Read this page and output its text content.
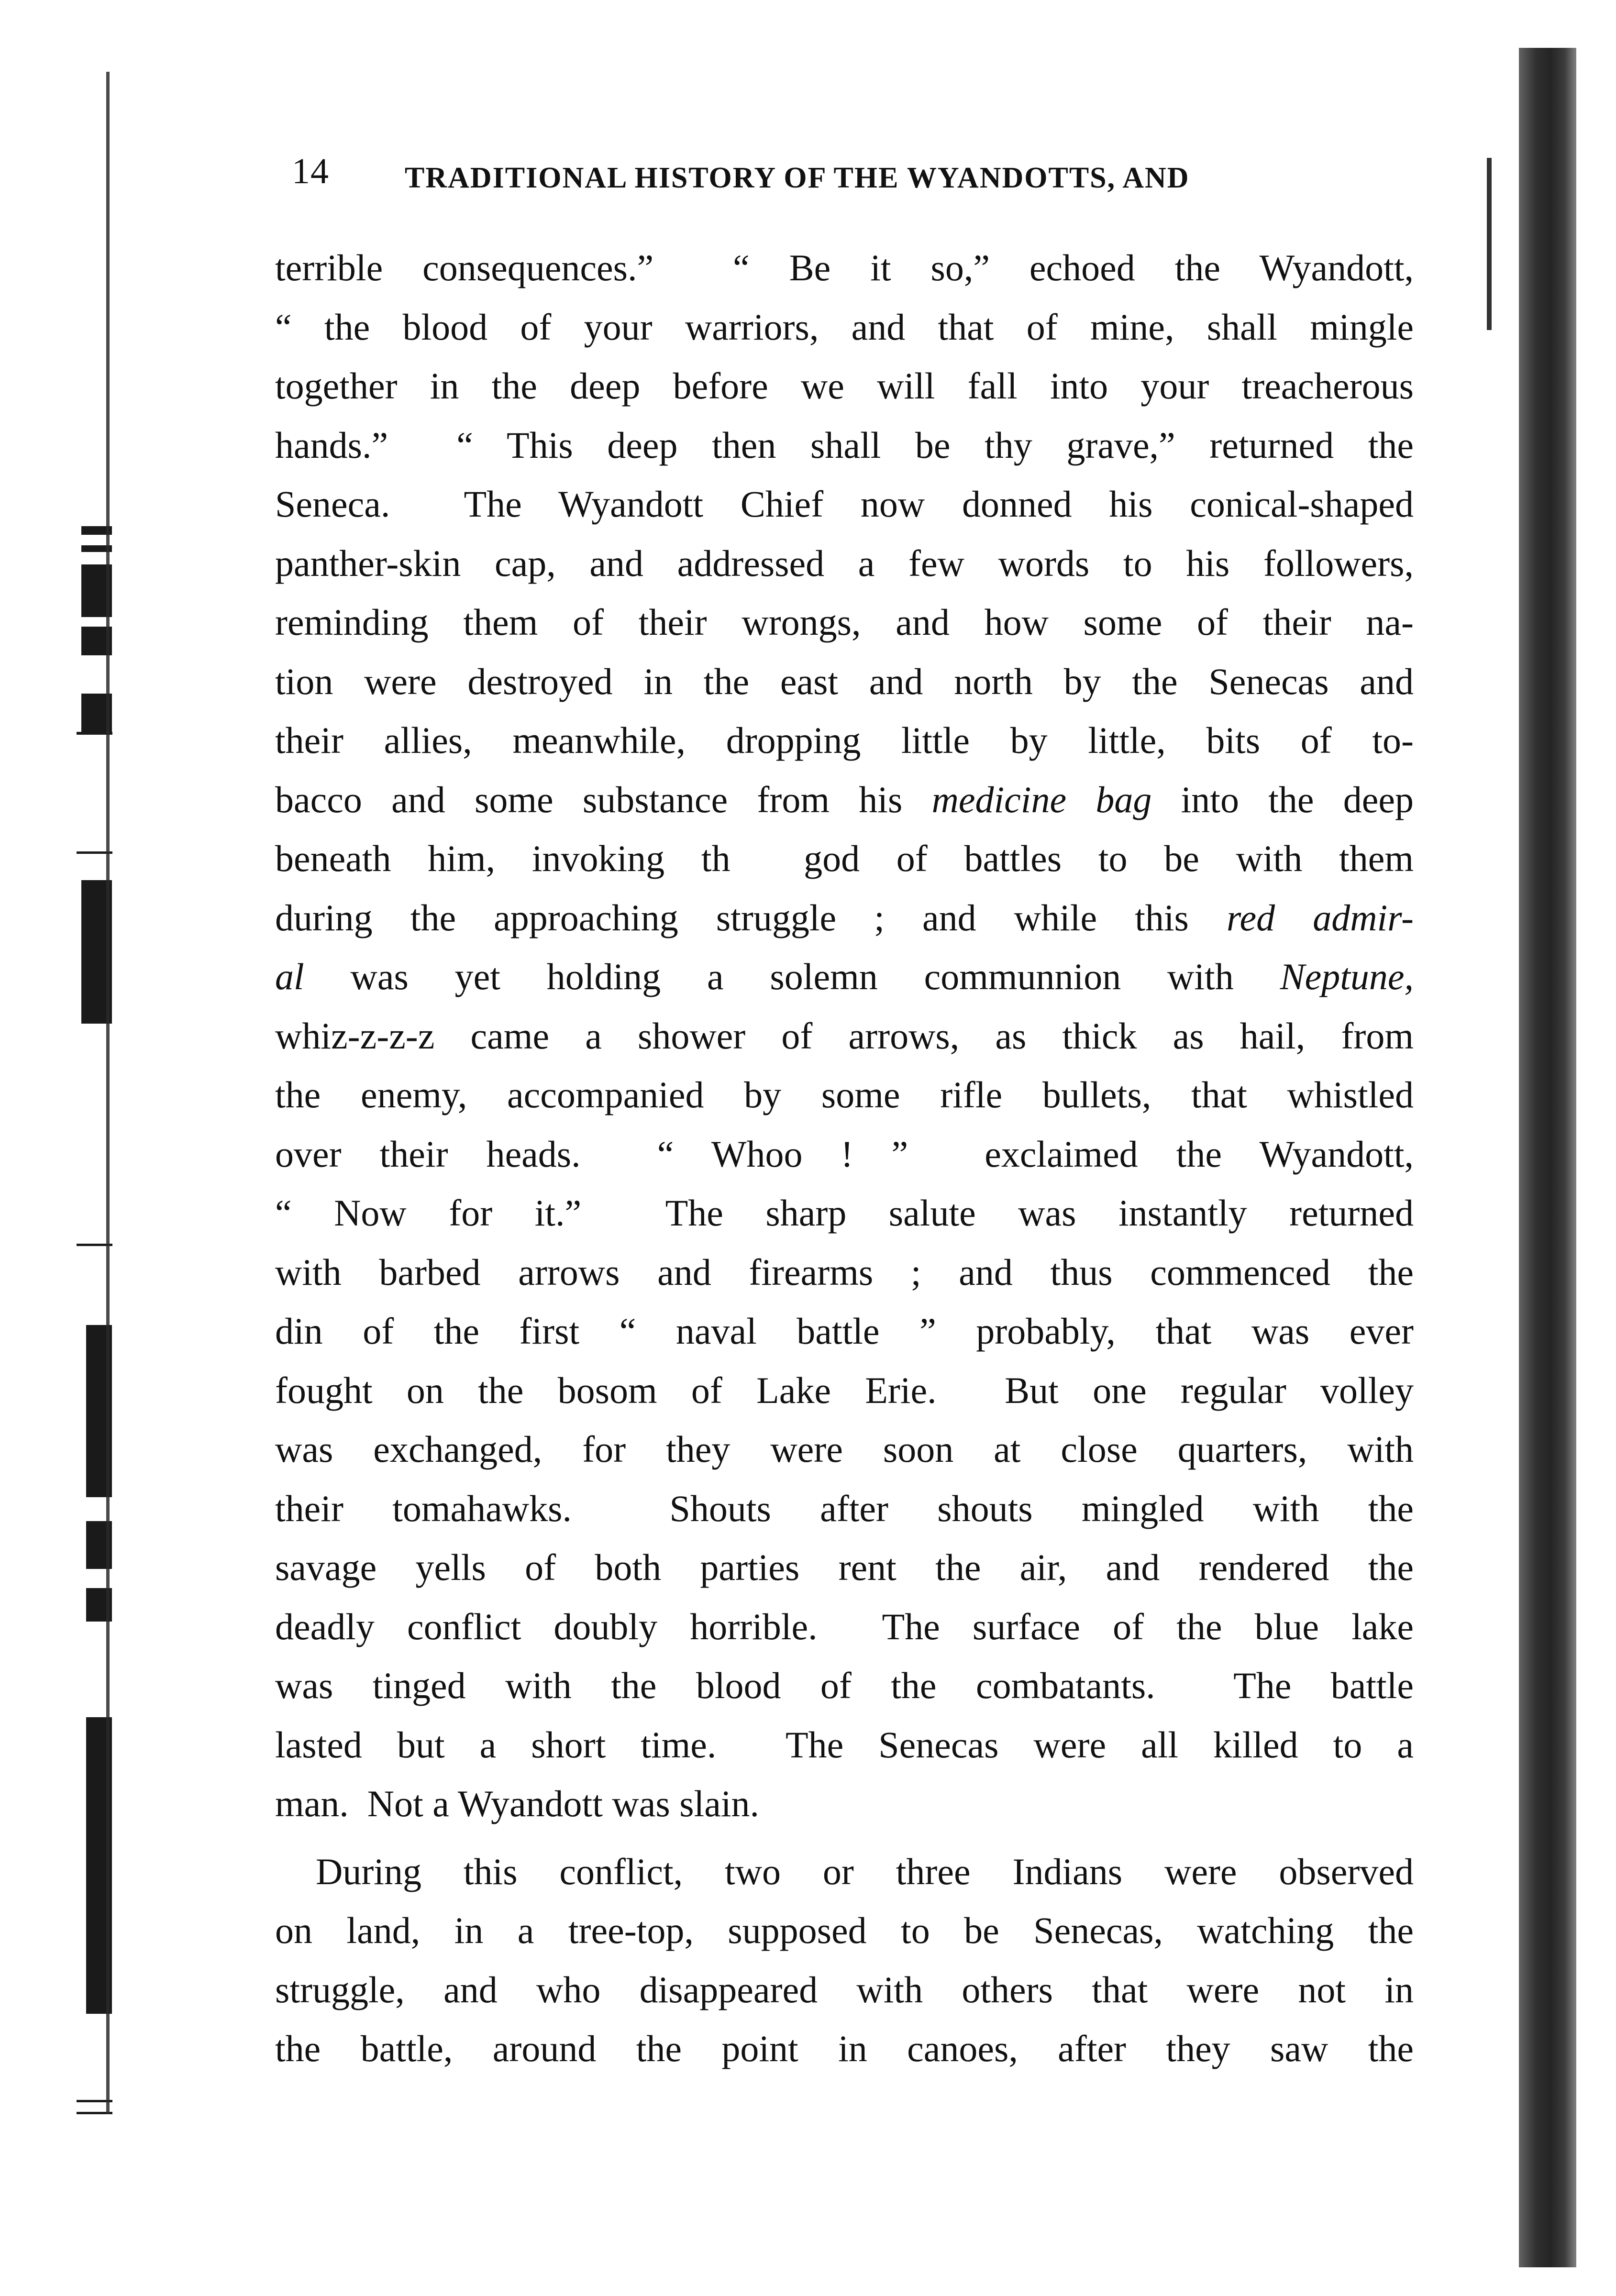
14	TRADITIONAL HISTORY OF THE WYANDOTTS, AND
terrible consequences.”  “ Be it so,” echoed the Wyandott,
“ the blood of your warriors, and that of mine, shall mingle
together in the deep before we will fall into your treacherous
hands.”  “ This deep then shall be thy grave,” returned the
Seneca.  The Wyandott Chief now donned his conical-shaped
panther-skin cap, and addressed a few words to his followers,
reminding them of their wrongs, and how some of their na-
tion were destroyed in the east and north by the Senecas and
their allies, meanwhile, dropping little by little, bits of to-
bacco and some substance from his medicine bag into the deep
beneath him, invoking th  god of battles to be with them
during the approaching struggle ; and while this red admir-
al was yet holding a solemn communnion with Neptune,
whiz-z-z-z came a shower of arrows, as thick as hail, from
the enemy, accompanied by some rifle bullets, that whistled
over their heads.  “ Whoo ! ”  exclaimed the Wyandott,
“ Now for it.”  The sharp salute was instantly returned
with barbed arrows and firearms ; and thus commenced the
din of the first “ naval battle ” probably, that was ever
fought on the bosom of Lake Erie.  But one regular volley
was exchanged, for they were soon at close quarters, with
their tomahawks.  Shouts after shouts mingled with the
savage yells of both parties rent the air, and rendered the
deadly conflict doubly horrible.  The surface of the blue lake
was tinged with the blood of the combatants.  The battle
lasted but a short time.  The Senecas were all killed to a
man.  Not a Wyandott was slain.
During this conflict, two or three Indians were observed
on land, in a tree-top, supposed to be Senecas, watching the
struggle, and who disappeared with others that were not in
the battle, around the point in canoes, after they saw the
